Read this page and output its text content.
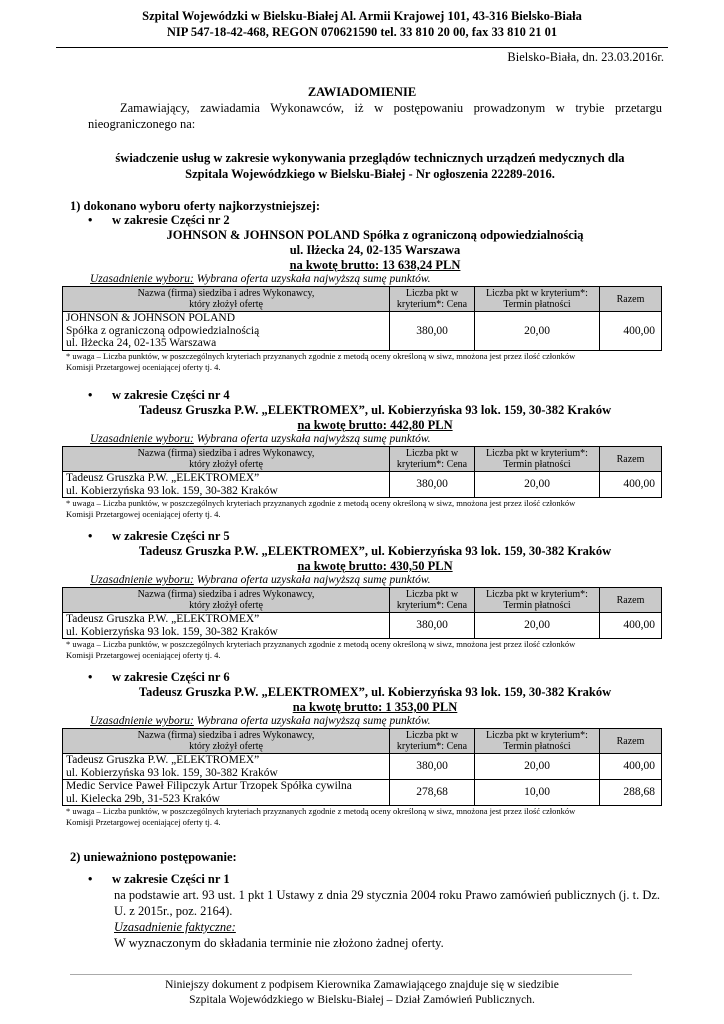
Szpital Wojewódzki w Bielsku-Białej Al. Armii Krajowej 101, 43-316 Bielsko-Biała
NIP 547-18-42-468, REGON 070621590 tel. 33 810 20 00, fax 33 810 21 01
Bielsko-Biała, dn. 23.03.2016r.
ZAWIADOMIENIE
Zamawiający, zawiadamia Wykonawców, iż w postępowaniu prowadzonym w trybie przetargu nieograniczonego na:
świadczenie usług w zakresie wykonywania przeglądów technicznych urządzeń medycznych dla
Szpitala Wojewódzkiego w Bielsku-Białej - Nr ogłoszenia 22289-2016.
1) dokonano wyboru oferty najkorzystniejszej:
• w zakresie Części nr 2
JOHNSON & JOHNSON POLAND Spółka z ograniczoną odpowiedzialnością
ul. Iłżecka 24, 02-135 Warszawa
na kwotę brutto: 13 638,24 PLN
Uzasadnienie wyboru: Wybrana oferta uzyskała najwyższą sumę punktów.
Nazwa (firma) siedziba i adres Wykonawcy,
który złożył ofertę	Liczba pkt w
kryterium*: Cena	Liczba pkt w kryterium*:
Termin płatności	Razem
JOHNSON & JOHNSON POLAND
Spółka z ograniczoną odpowiedzialnością
ul. Iłżecka 24, 02-135 Warszawa	380,00	20,00	400,00
* uwaga – Liczba punktów, w poszczególnych kryteriach przyznanych zgodnie z metodą oceny określoną w siwz, mnożona jest przez ilość członków
Komisji Przetargowej oceniającej oferty tj. 4.
• w zakresie Części nr 4
Tadeusz Gruszka P.W. „ELEKTROMEX”, ul. Kobierzyńska 93 lok. 159, 30-382 Kraków
na kwotę brutto: 442,80 PLN
Uzasadnienie wyboru: Wybrana oferta uzyskała najwyższą sumę punktów.
Nazwa (firma) siedziba i adres Wykonawcy,
który złożył ofertę	Liczba pkt w
kryterium*: Cena	Liczba pkt w kryterium*:
Termin płatności	Razem
Tadeusz Gruszka P.W. „ELEKTROMEX”
ul. Kobierzyńska 93 lok. 159, 30-382 Kraków	380,00	20,00	400,00
* uwaga – Liczba punktów, w poszczególnych kryteriach przyznanych zgodnie z metodą oceny określoną w siwz, mnożona jest przez ilość członków
Komisji Przetargowej oceniającej oferty tj. 4.
• w zakresie Części nr 5
Tadeusz Gruszka P.W. „ELEKTROMEX”, ul. Kobierzyńska 93 lok. 159, 30-382 Kraków
na kwotę brutto: 430,50 PLN
Uzasadnienie wyboru: Wybrana oferta uzyskała najwyższą sumę punktów.
Nazwa (firma) siedziba i adres Wykonawcy,
który złożył ofertę	Liczba pkt w
kryterium*: Cena	Liczba pkt w kryterium*:
Termin płatności	Razem
Tadeusz Gruszka P.W. „ELEKTROMEX”
ul. Kobierzyńska 93 lok. 159, 30-382 Kraków	380,00	20,00	400,00
* uwaga – Liczba punktów, w poszczególnych kryteriach przyznanych zgodnie z metodą oceny określoną w siwz, mnożona jest przez ilość członków
Komisji Przetargowej oceniającej oferty tj. 4.
• w zakresie Części nr 6
Tadeusz Gruszka P.W. „ELEKTROMEX”, ul. Kobierzyńska 93 lok. 159, 30-382 Kraków
na kwotę brutto: 1 353,00 PLN
Uzasadnienie wyboru: Wybrana oferta uzyskała najwyższą sumę punktów.
Nazwa (firma) siedziba i adres Wykonawcy,
który złożył ofertę	Liczba pkt w
kryterium*: Cena	Liczba pkt w kryterium*:
Termin płatności	Razem
Tadeusz Gruszka P.W. „ELEKTROMEX”
ul. Kobierzyńska 93 lok. 159, 30-382 Kraków	380,00	20,00	400,00
Medic Service Paweł Filipczyk Artur Trzopek Spółka cywilna
ul. Kielecka 29b, 31-523 Kraków	278,68	10,00	288,68
* uwaga – Liczba punktów, w poszczególnych kryteriach przyznanych zgodnie z metodą oceny określoną w siwz, mnożona jest przez ilość członków
Komisji Przetargowej oceniającej oferty tj. 4.
2) unieważniono postępowanie:
• w zakresie Części nr 1
na podstawie art. 93 ust. 1 pkt 1 Ustawy z dnia 29 stycznia 2004 roku Prawo zamówień publicznych (j. t. Dz. U. z 2015r., poz. 2164).
Uzasadnienie faktyczne:
W wyznaczonym do składania terminie nie złożono żadnej oferty.
Niniejszy dokument z podpisem Kierownika Zamawiającego znajduje się w siedzibie
Szpitala Wojewódzkiego w Bielsku-Białej – Dział Zamówień Publicznych.
